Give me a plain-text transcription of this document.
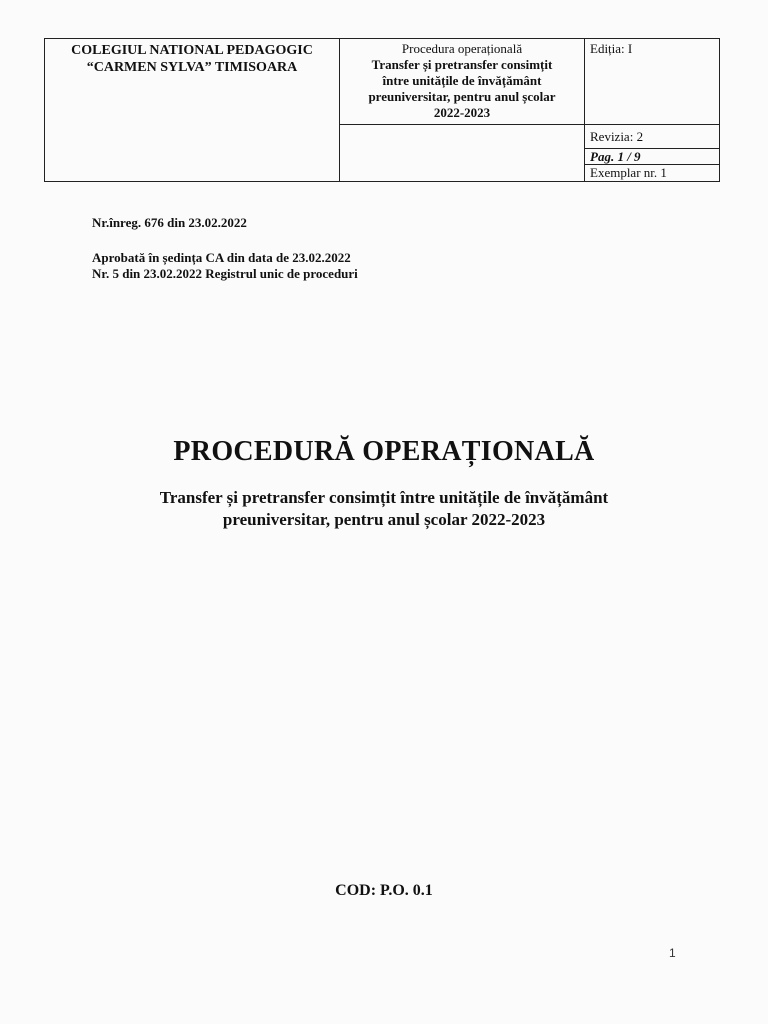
COLEGIUL NATIONAL PEDAGOGIC
“CARMEN SYLVA” TIMISOARA
Procedura operațională
Transfer și pretransfer consimțit
între unitățile de învățământ
preuniversitar, pentru anul școlar
2022-2023
Ediția: I
Revizia: 2
Pag. 1 / 9
Exemplar nr. 1
Nr.înreg. 676 din 23.02.2022
Aprobată în ședința CA din data de 23.02.2022
Nr. 5 din 23.02.2022 Registrul unic de proceduri
PROCEDURĂ OPERAȚIONALĂ
Transfer și pretransfer consimțit între unitățile de învățământ
preuniversitar, pentru anul școlar 2022-2023
COD: P.O. 0.1
1
